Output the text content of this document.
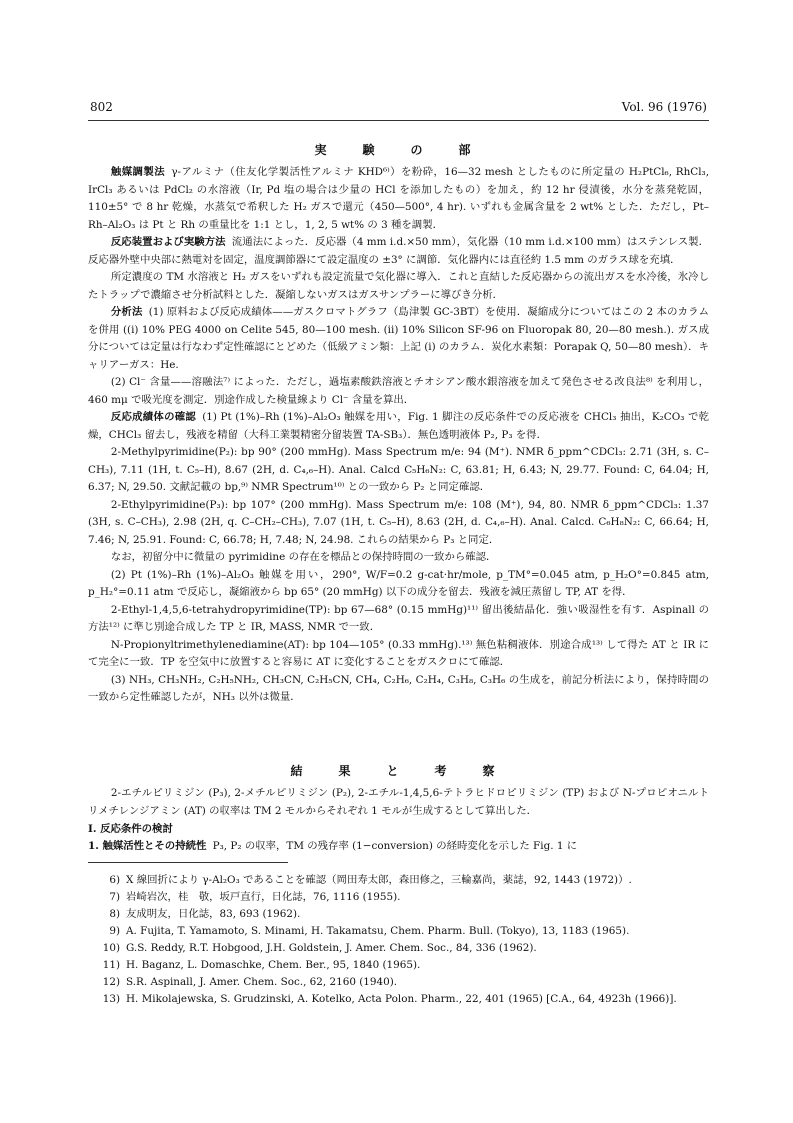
802	Vol. 96 (1976)
実　験　の　部

触媒調製法 γ-アルミナ（住友化学製活性アルミナ KHD⁶⁾）を粉砕，16—32 mesh としたものに所定量の H₂PtCl₆, RhCl₃, IrCl₃ あるいは PdCl₂ の水溶液（Ir, Pd 塩の場合は少量の HCl を添加したもの）を加え，約 12 hr 侵漬後，水分を蒸発乾固，110±5° で 8 hr 乾燥，水蒸気で希釈した H₂ ガスで還元（450—500°, 4 hr). いずれも金属含量を 2 wt% とした．ただし，Pt–Rh–Al₂O₃ は Pt と Rh の重量比を 1:1 とし，1, 2, 5 wt% の 3 種を調製．

反応装置および実験方法 流通法によった．反応器（4 mm i.d.×50 mm），気化器（10 mm i.d.×100 mm）はステンレス製．反応器外壁中央部に熱電対を固定，温度調節器にて設定温度の ±3° に調節．気化器内には直径約 1.5 mm のガラス球を充填．

所定濃度の TM 水溶液と H₂ ガスをいずれも設定流量で気化器に導入．これと直結した反応器からの流出ガスを水冷後，氷冷したトラップで濃縮させ分析試料とした．凝縮しないガスはガスサンプラーに導びき分析．

分析法 (1) 原料および反応成績体——ガスクロマトグラフ（島津製 GC-3BT）を使用．凝縮成分についてはこの 2 本のカラムを併用 ((i) 10% PEG 4000 on Celite 545, 80—100 mesh. (ii) 10% Silicon SF-96 on Fluoropak 80, 20—80 mesh.). ガス成分については定量は行なわず定性確認にとどめた（低級アミン類：上記 (i) のカラム．炭化水素類：Porapak Q, 50—80 mesh）．キャリアーガス：He.

(2) Cl⁻ 含量——溶融法⁷⁾ によった．ただし，過塩素酸鉄溶液とチオシアン酸水銀溶液を加えて発色させる改良法⁸⁾ を利用し，460 mμ で吸光度を測定．別途作成した検量線より Cl⁻ 含量を算出．

反応成績体の確認 (1) Pt (1%)–Rh (1%)–Al₂O₃ 触媒を用い，Fig. 1 脚注の反応条件での反応液を CHCl₃ 抽出，K₂CO₃ で乾燥，CHCl₃ 留去し，残液を精留（大科工業製精密分留装置 TA-SB₃）．無色透明液体 P₂, P₃ を得．

2-Methylpyrimidine(P₂): bp 90° (200 mmHg). Mass Spectrum m/e: 94 (M⁺). NMR δ_ppm^CDCl₃: 2.71 (3H, s. C–CH₃), 7.11 (1H, t. C₅–H), 8.67 (2H, d. C₄,₆–H). Anal. Calcd C₅H₆N₂: C, 63.81; H, 6.43; N, 29.77. Found: C, 64.04; H, 6.37; N, 29.50. 文献記載の bp,⁹⁾ NMR Spectrum¹⁰⁾ との一致から P₂ と同定確認．

2-Ethylpyrimidine(P₃): bp 107° (200 mmHg). Mass Spectrum m/e: 108 (M⁺), 94, 80. NMR δ_ppm^CDCl₃: 1.37 (3H, s. C–CH₃), 2.98 (2H, q. C–CH₂–CH₃), 7.07 (1H, t. C₅–H), 8.63 (2H, d. C₄,₆–H). Anal. Calcd. C₆H₈N₂: C, 66.64; H, 7.46; N, 25.91. Found: C, 66.78; H, 7.48; N, 24.98. これらの結果から P₃ と同定．

なお，初留分中に微量の pyrimidine の存在を標品との保持時間の一致から確認．

(2) Pt (1%)–Rh (1%)–Al₂O₃ 触媒を用い，290°, W/F=0.2 g-cat·hr/mole, p_TM°=0.045 atm, p_H₂O°=0.845 atm, p_H₂°=0.11 atm で反応し，凝縮液から bp 65° (20 mmHg) 以下の成分を留去．残液を減圧蒸留し TP, AT を得．

2-Ethyl-1,4,5,6-tetrahydropyrimidine(TP): bp 67—68° (0.15 mmHg)¹¹⁾ 留出後結晶化．強い吸湿性を有す．Aspinall の方法¹²⁾ に準じ別途合成した TP と IR, MASS, NMR で一致．

N-Propionyltrimethylenediamine(AT): bp 104—105° (0.33 mmHg).¹³⁾ 無色粘稠液体．別途合成¹³⁾ して得た AT と IR にて完全に一致．TP を空気中に放置すると容易に AT に変化することをガスクロにて確認．

(3) NH₃, CH₃NH₂, C₂H₅NH₂, CH₃CN, C₂H₅CN, CH₄, C₂H₆, C₂H₄, C₃H₈, C₃H₆ の生成を，前記分析法により，保持時間の一致から定性確認したが，NH₃ 以外は微量．

結　果　と　考　察

2-エチルピリミジン (P₃), 2-メチルピリミジン (P₂), 2-エチル-1,4,5,6-テトラヒドロピリミジン (TP) および N-プロピオニルトリメチレンジアミン (AT) の収率は TM 2 モルからそれぞれ 1 モルが生成するとして算出した．

I. 反応条件の検討

1. 触媒活性とその持続性 P₃, P₂ の収率，TM の残存率 (1−conversion) の経時変化を示した Fig. 1 に

6) X 線回折により γ-Al₂O₃ であることを確認（岡田寿太郎，森田修之，三輪嘉尚，薬誌，92, 1443 (1972)）.
7) 岩崎岩次，桂　敬，坂戸直行，日化誌，76, 1116 (1955).
8) 友成明友，日化誌，83, 693 (1962).
9) A. Fujita, T. Yamamoto, S. Minami, H. Takamatsu, Chem. Pharm. Bull. (Tokyo), 13, 1183 (1965).
10) G.S. Reddy, R.T. Hobgood, J.H. Goldstein, J. Amer. Chem. Soc., 84, 336 (1962).
11) H. Baganz, L. Domaschke, Chem. Ber., 95, 1840 (1965).
12) S.R. Aspinall, J. Amer. Chem. Soc., 62, 2160 (1940).
13) H. Mikolajewska, S. Grudzinski, A. Kotelko, Acta Polon. Pharm., 22, 401 (1965) [C.A., 64, 4923h (1966)].
